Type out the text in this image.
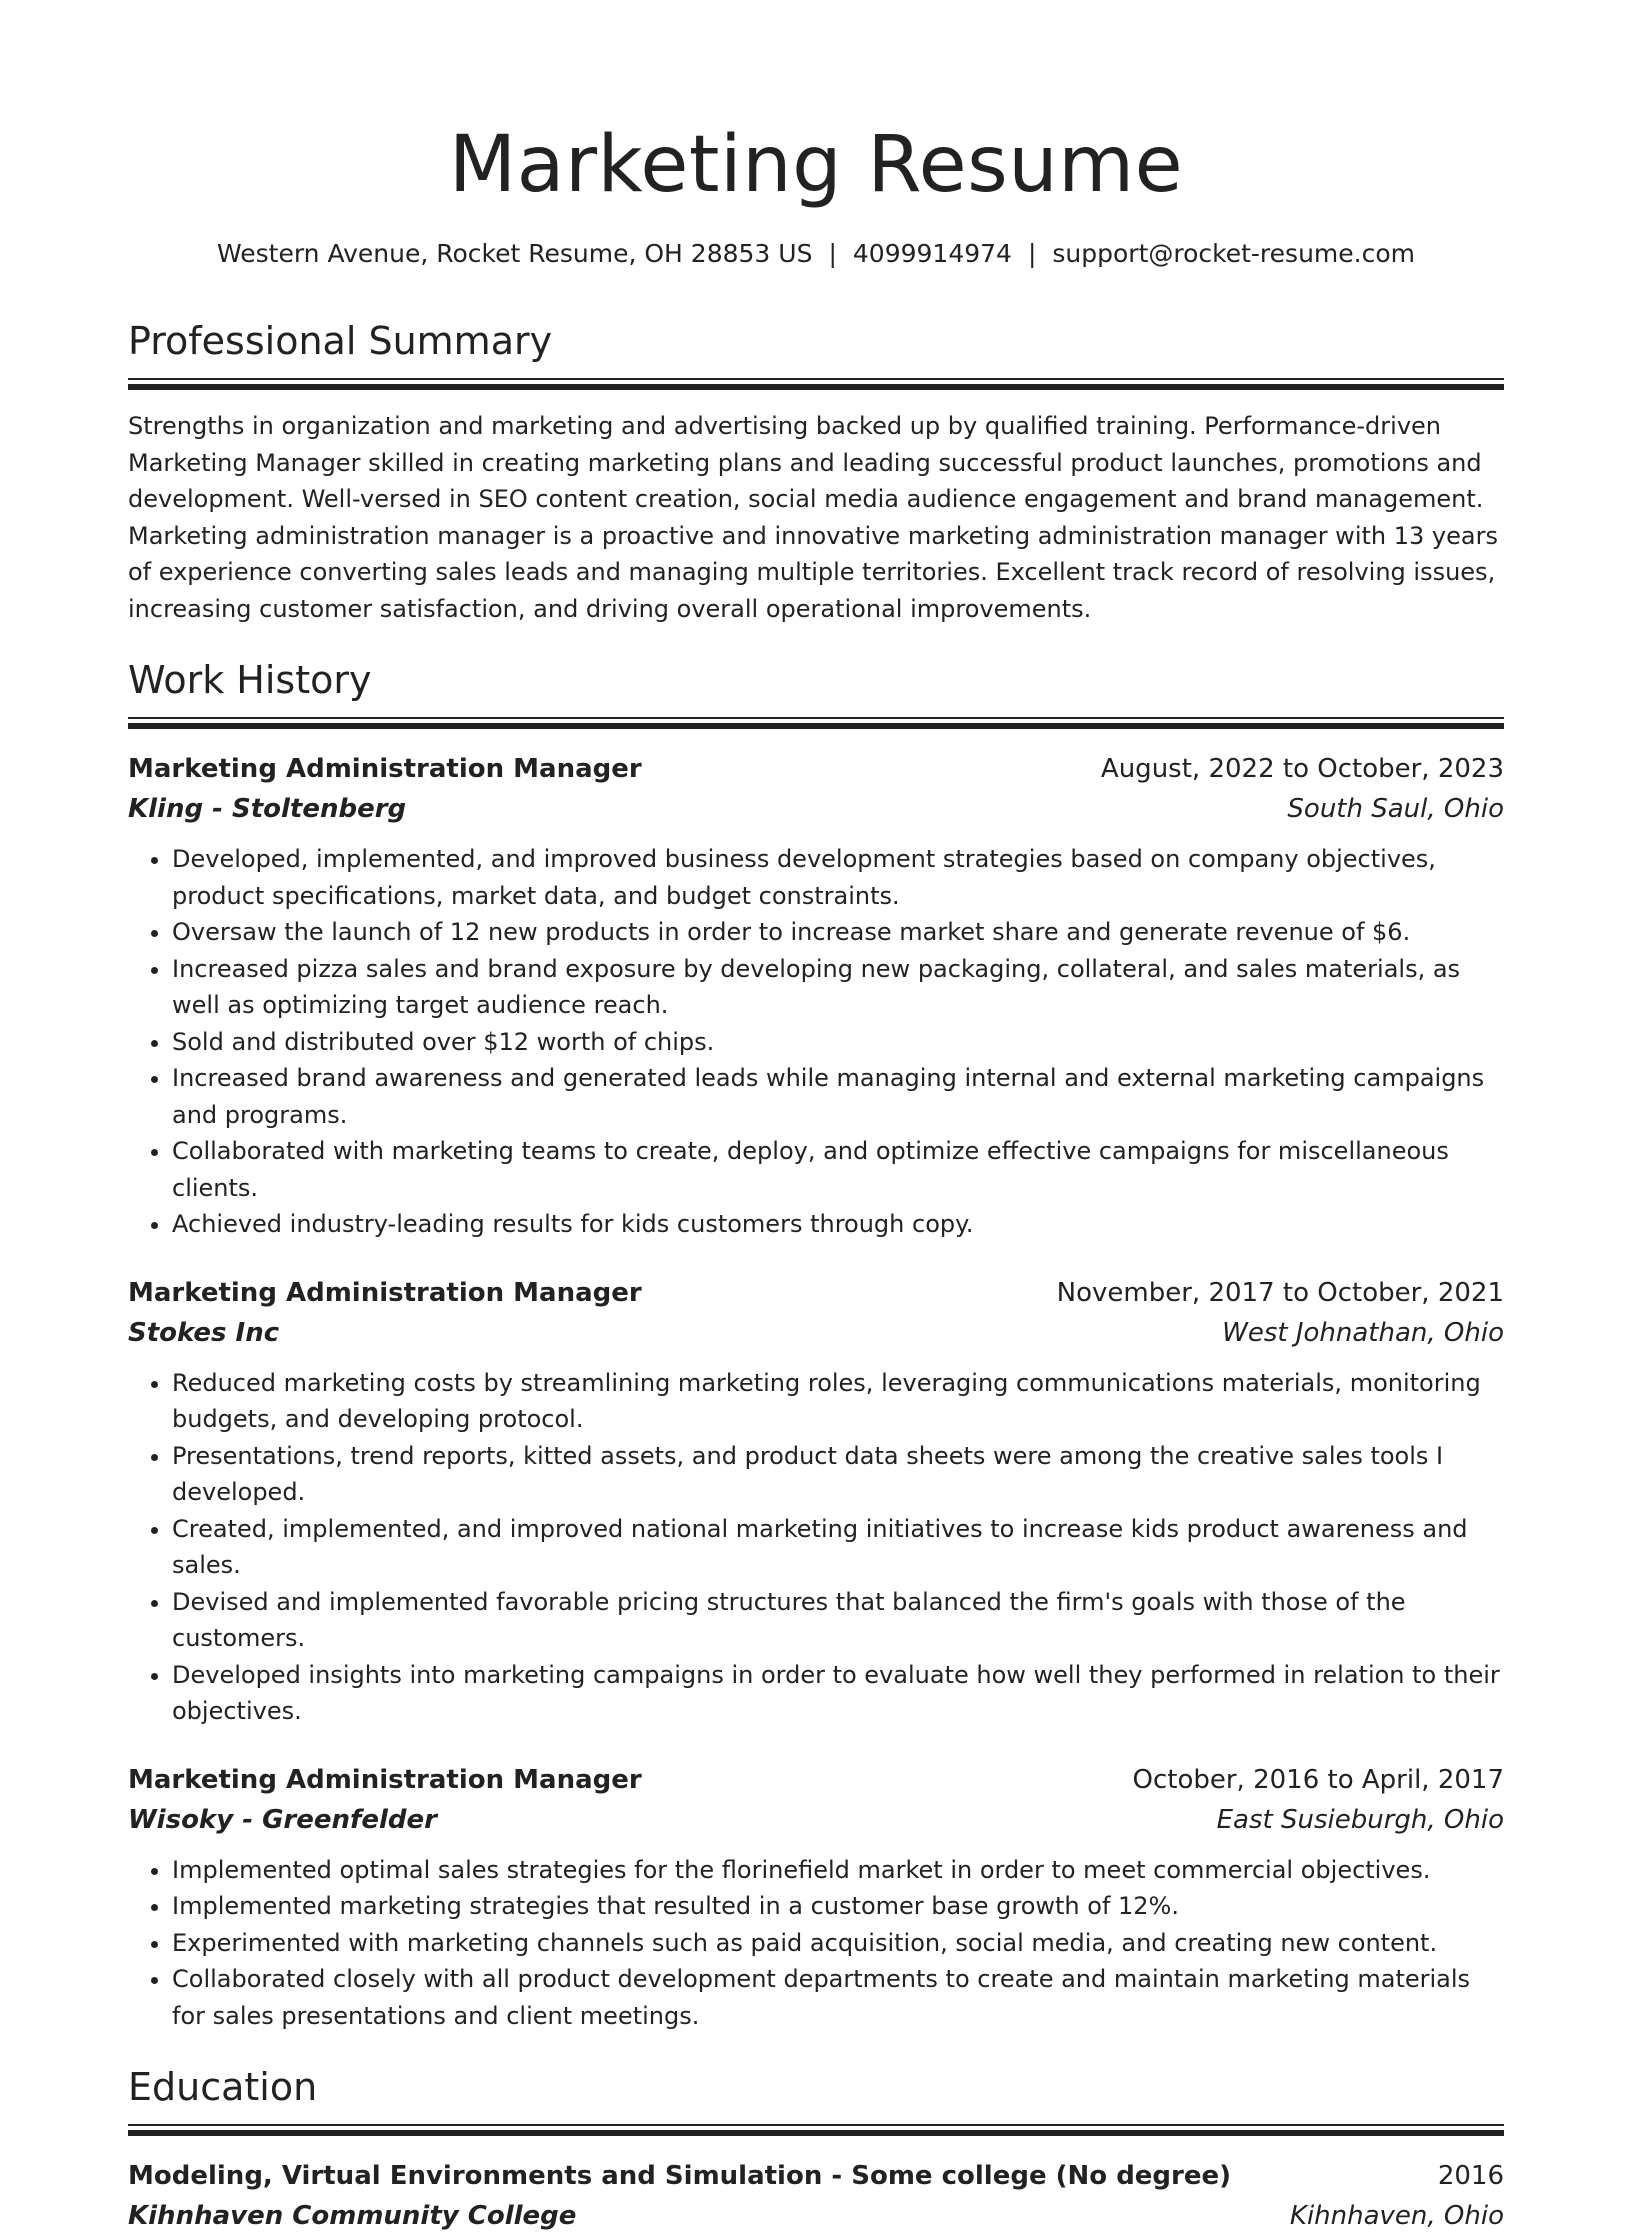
Marketing Resume
Western Avenue, Rocket Resume, OH 28853 US | 4099914974 | support@rocket-resume.com
Professional Summary
Strengths in organization and marketing and advertising backed up by qualified training. Performance-driven Marketing Manager skilled in creating marketing plans and leading successful product launches, promotions and development. Well-versed in SEO content creation, social media audience engagement and brand management. Marketing administration manager is a proactive and innovative marketing administration manager with 13 years of experience converting sales leads and managing multiple territories. Excellent track record of resolving issues, increasing customer satisfaction, and driving overall operational improvements.
Work History
Marketing Administration Manager	August, 2022 to October, 2023
Kling - Stoltenberg	South Saul, Ohio
• Developed, implemented, and improved business development strategies based on company objectives, product specifications, market data, and budget constraints.
• Oversaw the launch of 12 new products in order to increase market share and generate revenue of $6.
• Increased pizza sales and brand exposure by developing new packaging, collateral, and sales materials, as well as optimizing target audience reach.
• Sold and distributed over $12 worth of chips.
• Increased brand awareness and generated leads while managing internal and external marketing campaigns and programs.
• Collaborated with marketing teams to create, deploy, and optimize effective campaigns for miscellaneous clients.
• Achieved industry-leading results for kids customers through copy.
Marketing Administration Manager	November, 2017 to October, 2021
Stokes Inc	West Johnathan, Ohio
• Reduced marketing costs by streamlining marketing roles, leveraging communications materials, monitoring budgets, and developing protocol.
• Presentations, trend reports, kitted assets, and product data sheets were among the creative sales tools I developed.
• Created, implemented, and improved national marketing initiatives to increase kids product awareness and sales.
• Devised and implemented favorable pricing structures that balanced the firm's goals with those of the customers.
• Developed insights into marketing campaigns in order to evaluate how well they performed in relation to their objectives.
Marketing Administration Manager	October, 2016 to April, 2017
Wisoky - Greenfelder	East Susieburgh, Ohio
• Implemented optimal sales strategies for the florinefield market in order to meet commercial objectives.
• Implemented marketing strategies that resulted in a customer base growth of 12%.
• Experimented with marketing channels such as paid acquisition, social media, and creating new content.
• Collaborated closely with all product development departments to create and maintain marketing materials for sales presentations and client meetings.
Education
Modeling, Virtual Environments and Simulation - Some college (No degree)	2016
Kihnhaven Community College	Kihnhaven, Ohio
